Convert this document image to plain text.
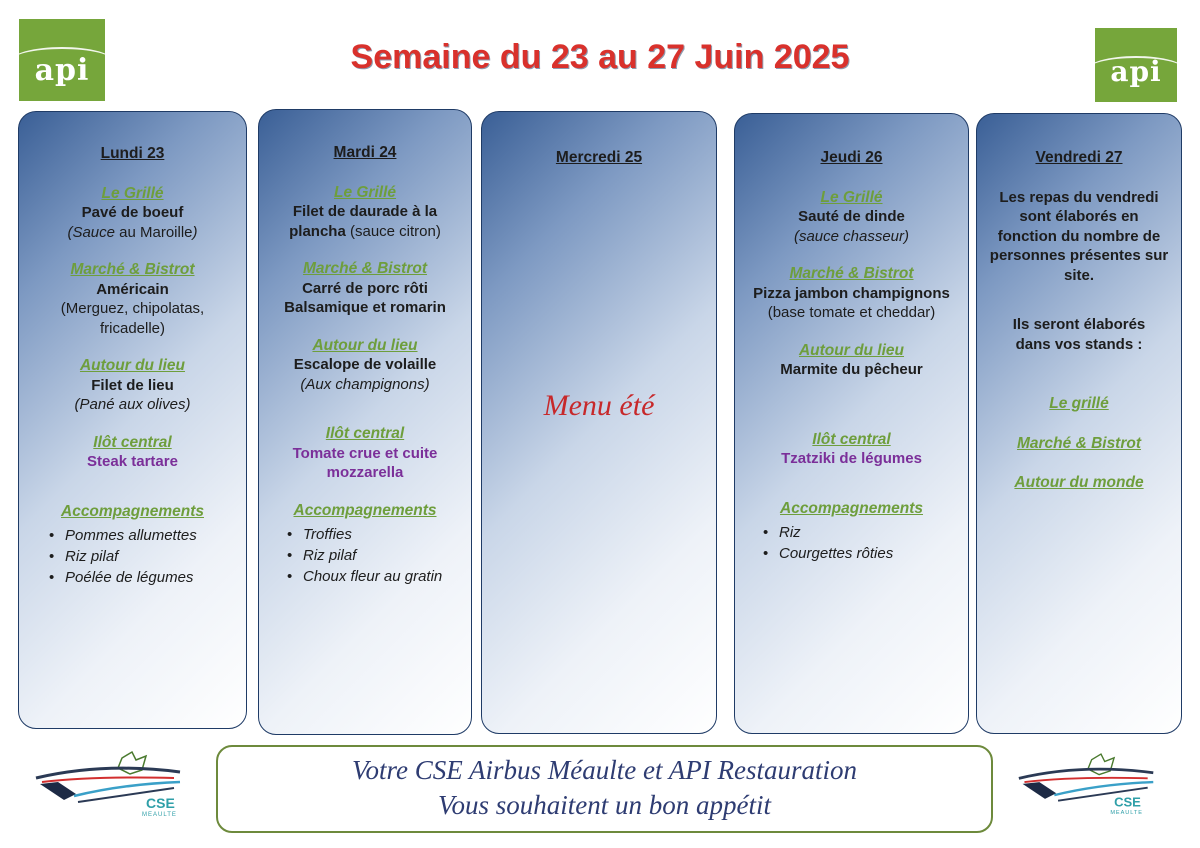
api	Semaine du 23 au 27 Juin 2025	api
Lundi 23
Le Grillé
Pavé de boeuf
(Sauce au Maroille)
Marché & Bistrot
Américain
(Merguez, chipolatas, fricadelle)
Autour du lieu
Filet de lieu
(Pané aux olives)
Ilôt central
Steak tartare
Accompagnements
• Pommes allumettes
• Riz pilaf
• Poélée de légumes
Mardi 24
Le Grillé
Filet de daurade à la
plancha (sauce citron)
Marché & Bistrot
Carré de porc rôti Balsamique et romarin
Autour du lieu
Escalope de volaille
(Aux champignons)
Ilôt central
Tomate crue et cuite mozzarella
Accompagnements
• Troffies
• Riz pilaf
• Choux fleur au gratin
Mercredi 25
Menu été
Jeudi 26
Le Grillé
Sauté de dinde
(sauce chasseur)
Marché & Bistrot
Pizza jambon champignons
(base tomate et cheddar)
Autour du lieu
Marmite du pêcheur
Ilôt central
Tzatziki de légumes
Accompagnements
• Riz
• Courgettes rôties
Vendredi 27
Les repas du vendredi sont élaborés en fonction du nombre de personnes présentes sur site.
Ils seront élaborés dans vos stands :
Le grillé
Marché & Bistrot
Autour du monde
CSE
MEAULTE
Votre CSE Airbus Méaulte et API Restauration
Vous souhaitent un bon appétit	CSE
MEAULTE
